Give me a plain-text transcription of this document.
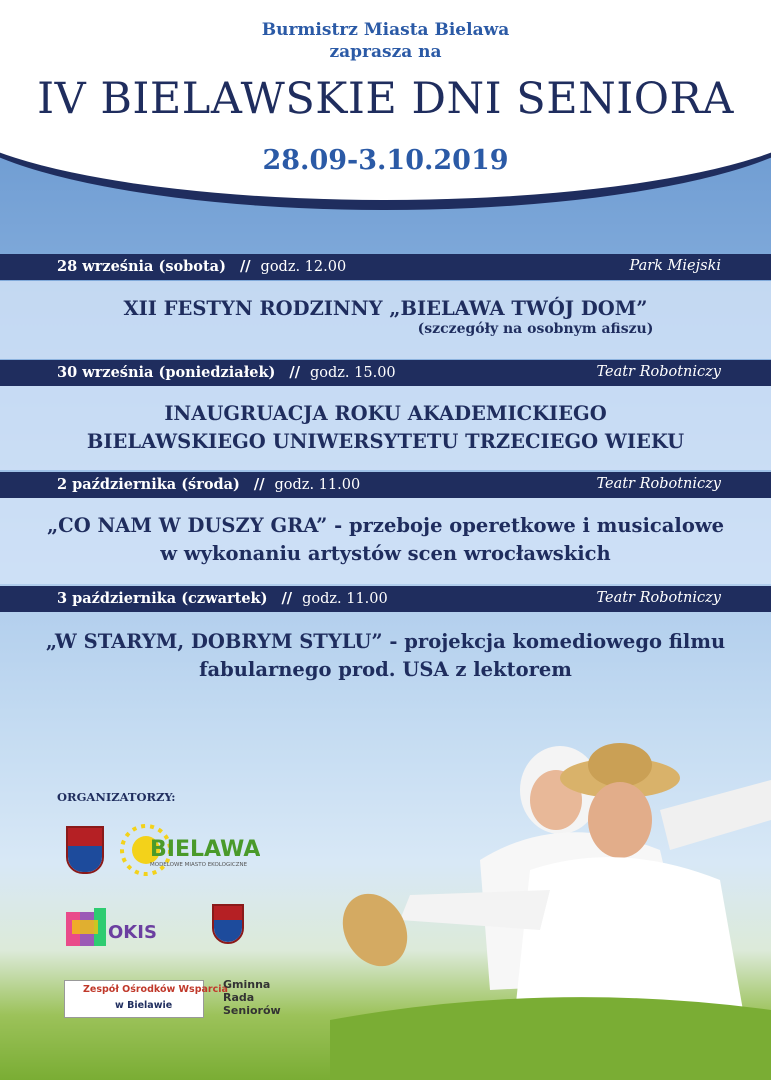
Burmistrz Miasta Bielawa
zaprasza na
IV BIELAWSKIE DNI SENIORA
28.09-3.10.2019
28 września (sobota) // godz. 12.00	Park Miejski
XII FESTYN RODZINNY „BIELAWA TWÓJ DOM”
(szczegóły na osobnym afiszu)
30 września (poniedziałek) // godz. 15.00	Teatr Robotniczy
INAUGRUACJA ROKU AKADEMICKIEGO
BIELAWSKIEGO UNIWERSYTETU TRZECIEGO WIEKU
2 października (środa) // godz. 11.00	Teatr Robotniczy
„CO NAM W DUSZY GRA” - przeboje operetkowe i musicalowe
w wykonaniu artystów scen wrocławskich
3 października (czwartek) // godz. 11.00	Teatr Robotniczy
„W STARYM, DOBRYM STYLU” - projekcja komediowego filmu
fabularnego prod. USA z lektorem
ORGANIZATORZY:
BIELAWA
MODELOWE MIASTO EKOLOGICZNE
OKIS
Zespół Ośrodków Wsparcia
w Bielawie
Gminna
Rada
Seniorów
